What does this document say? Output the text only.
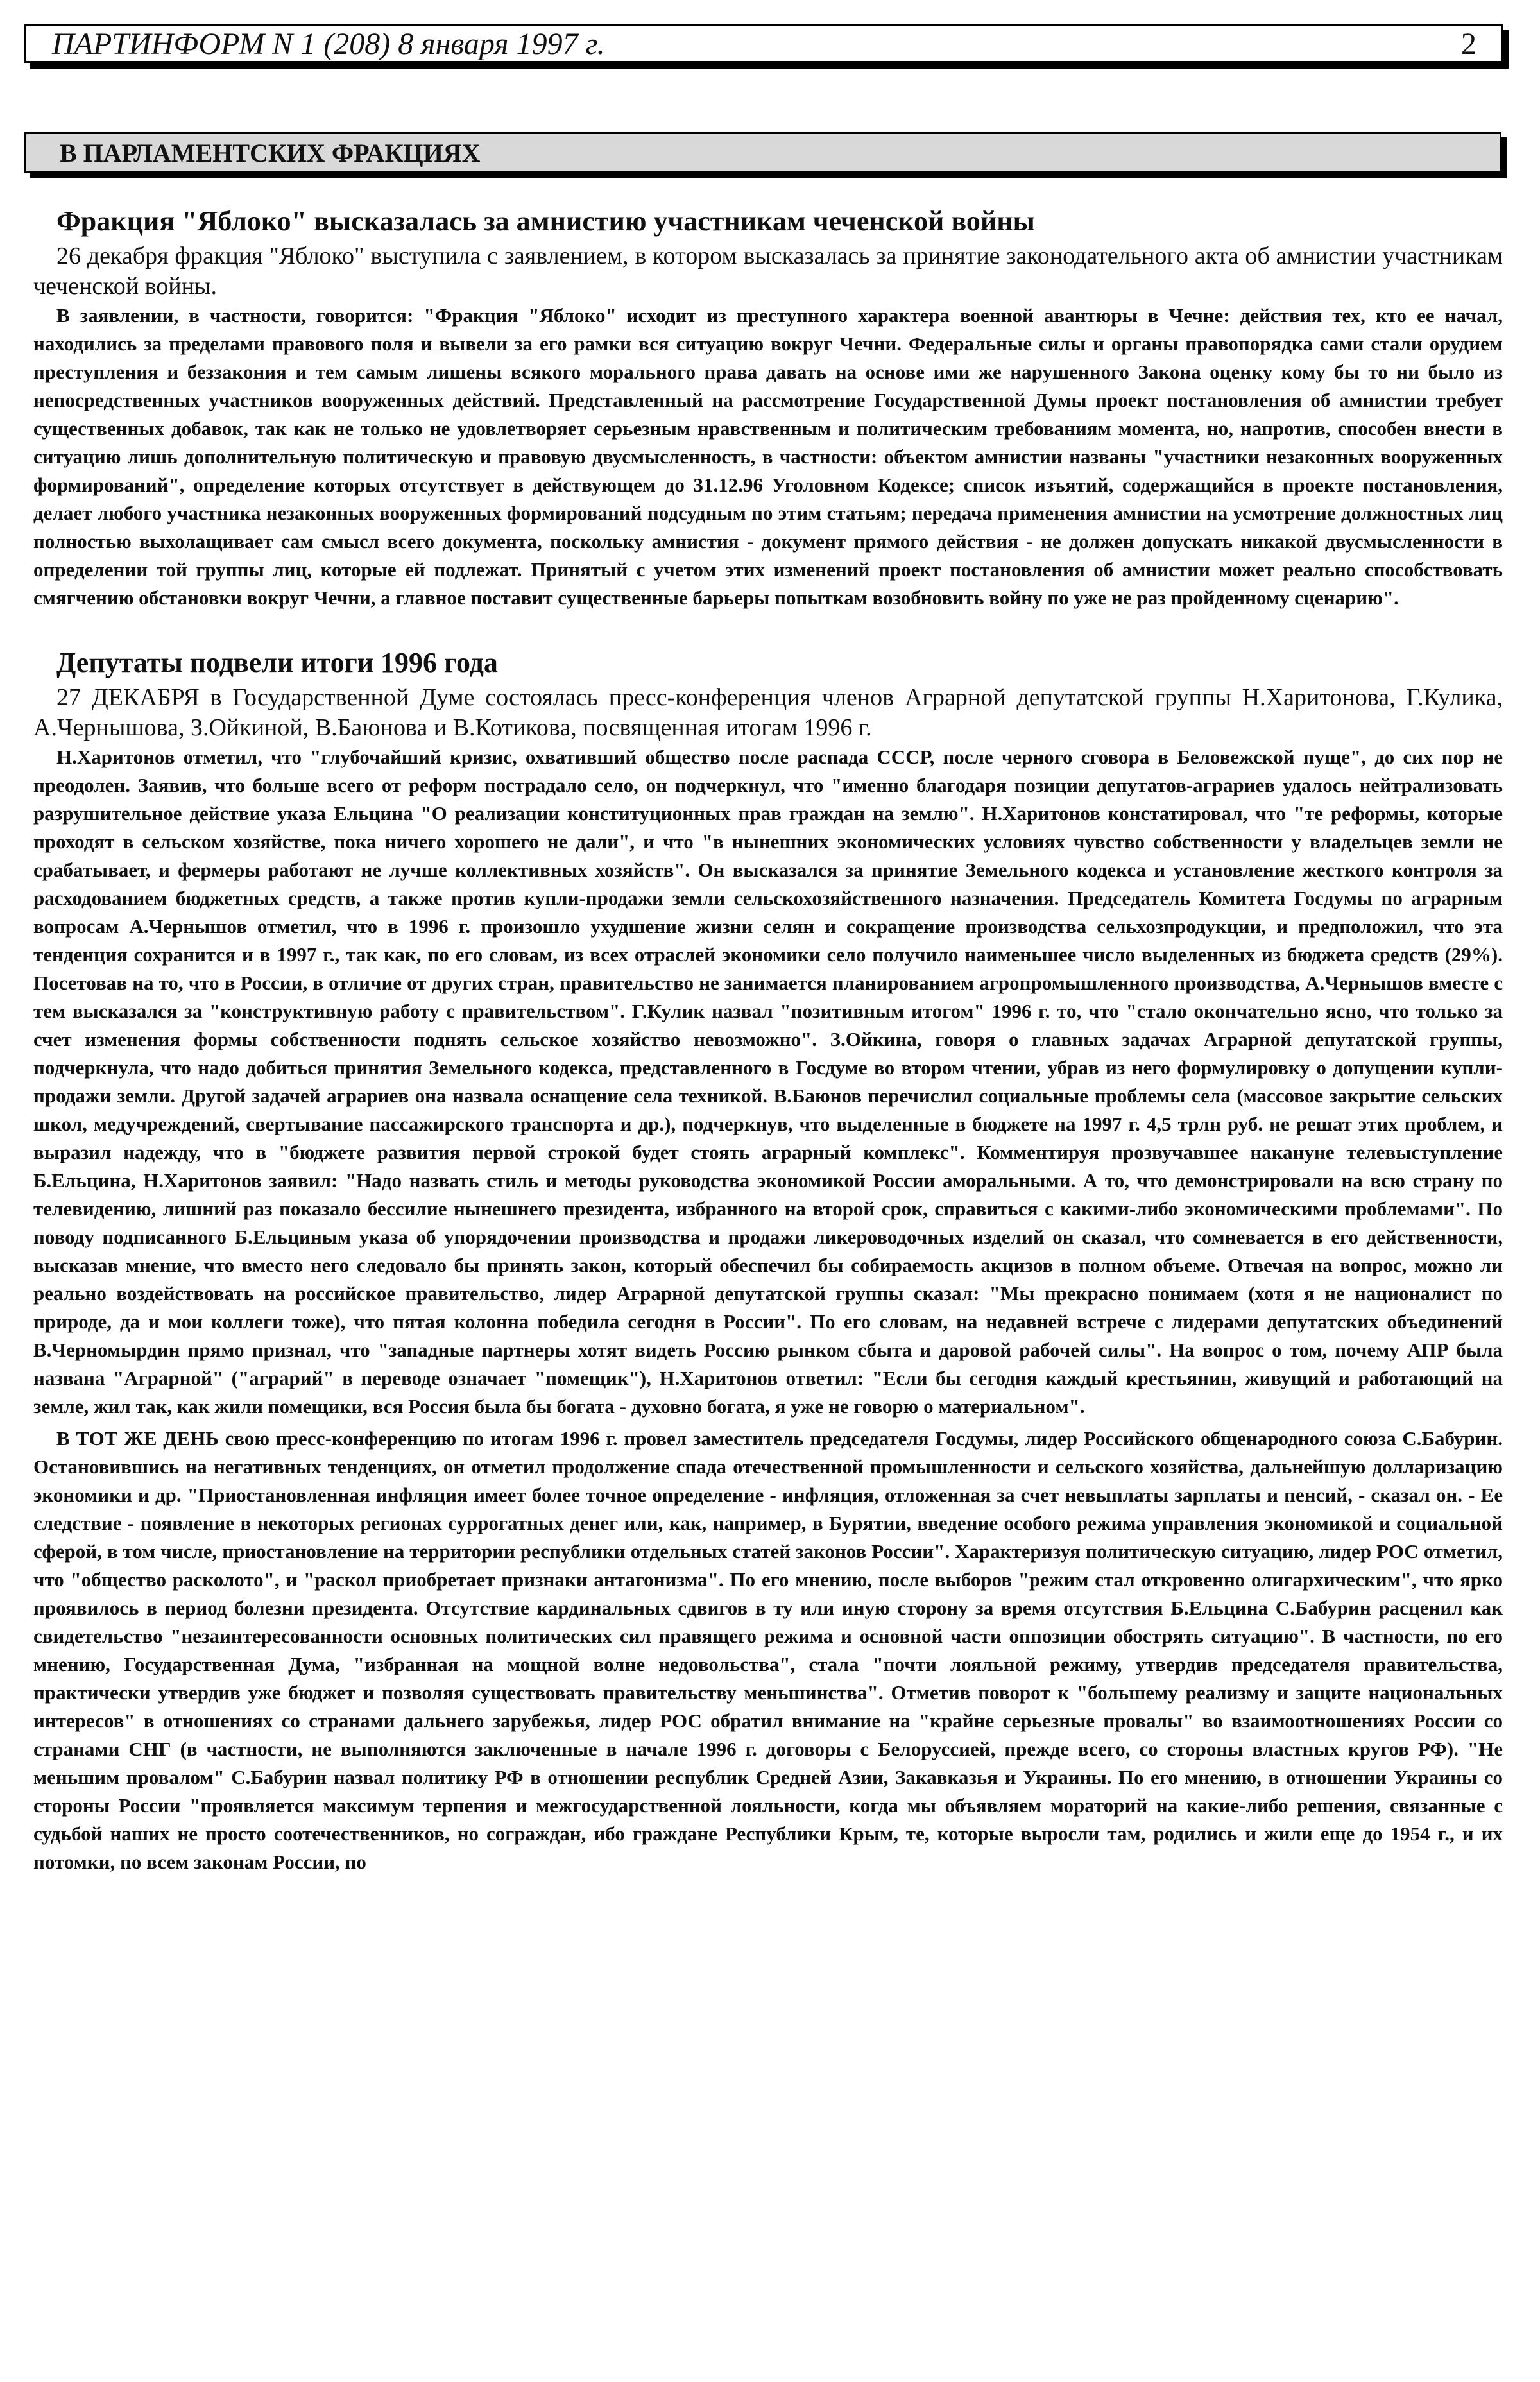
ПАРТИНФОРМ N 1 (208) 8 января 1997 г.	2
В ПАРЛАМЕНТСКИХ ФРАКЦИЯХ
Фракция "Яблоко" высказалась за амнистию участникам чеченской войны

26 декабря фракция "Яблоко" выступила с заявлением, в котором высказалась за принятие законодательного акта об амнистии участникам чеченской войны.

В заявлении, в частности, говорится: "Фракция "Яблоко" исходит из преступного характера военной авантюры в Чечне: действия тех, кто ее начал, находились за пределами правового поля и вывели за его рамки вся ситуацию вокруг Чечни. Федеральные силы и органы правопорядка сами стали орудием преступления и беззакония и тем самым лишены всякого морального права давать на основе ими же нарушенного Закона оценку кому бы то ни было из непосредственных участников вооруженных действий. Представленный на рассмотрение Государственной Думы проект постановления об амнистии требует существенных добавок, так как не только не удовлетворяет серьезным нравственным и политическим требованиям момента, но, напротив, способен внести в ситуацию лишь дополнительную политическую и правовую двусмысленность, в частности: объектом амнистии названы "участники незаконных вооруженных формирований", определение которых отсутствует в действующем до 31.12.96 Уголовном Кодексе; список изъятий, содержащийся в проекте постановления, делает любого участника незаконных вооруженных формирований подсудным по этим статьям; передача применения амнистии на усмотрение должностных лиц полностью выхолащивает сам смысл всего документа, поскольку амнистия - документ прямого действия - не должен допускать никакой двусмысленности в определении той группы лиц, которые ей подлежат. Принятый с учетом этих изменений проект постановления об амнистии может реально способствовать смягчению обстановки вокруг Чечни, а главное поставит существенные барьеры попыткам возобновить войну по уже не раз пройденному сценарию".

Депутаты подвели итоги 1996 года

27 ДЕКАБРЯ в Государственной Думе состоялась пресс-конференция членов Аграрной депутатской группы Н.Харитонова, Г.Кулика, А.Чернышова, З.Ойкиной, В.Баюнова и В.Котикова, посвященная итогам 1996 г.

Н.Харитонов отметил, что "глубочайший кризис, охвативший общество после распада СССР, после черного сговора в Беловежской пуще", до сих пор не преодолен. Заявив, что больше всего от реформ пострадало село, он подчеркнул, что "именно благодаря позиции депутатов-аграриев удалось нейтрализовать разрушительное действие указа Ельцина "О реализации конституционных прав граждан на землю". Н.Харитонов констатировал, что "те реформы, которые проходят в сельском хозяйстве, пока ничего хорошего не дали", и что "в нынешних экономических условиях чувство собственности у владельцев земли не срабатывает, и фермеры работают не лучше коллективных хозяйств". Он высказался за принятие Земельного кодекса и установление жесткого контроля за расходованием бюджетных средств, а также против купли-продажи земли сельскохозяйственного назначения. Председатель Комитета Госдумы по аграрным вопросам А.Чернышов отметил, что в 1996 г. произошло ухудшение жизни селян и сокращение производства сельхозпродукции, и предположил, что эта тенденция сохранится и в 1997 г., так как, по его словам, из всех отраслей экономики село получило наименьшее число выделенных из бюджета средств (29%). Посетовав на то, что в России, в отличие от других стран, правительство не занимается планированием агропромышленного производства, А.Чернышов вместе с тем высказался за "конструктивную работу с правительством". Г.Кулик назвал "позитивным итогом" 1996 г. то, что "стало окончательно ясно, что только за счет изменения формы собственности поднять сельское хозяйство невозможно". З.Ойкина, говоря о главных задачах Аграрной депутатской группы, подчеркнула, что надо добиться принятия Земельного кодекса, представленного в Госдуме во втором чтении, убрав из него формулировку о допущении купли-продажи земли. Другой задачей аграриев она назвала оснащение села техникой. В.Баюнов перечислил социальные проблемы села (массовое закрытие сельских школ, медучреждений, свертывание пассажирского транспорта и др.), подчеркнув, что выделенные в бюджете на 1997 г. 4,5 трлн руб. не решат этих проблем, и выразил надежду, что в "бюджете развития первой строкой будет стоять аграрный комплекс". Комментируя прозвучавшее накануне телевыступление Б.Ельцина, Н.Харитонов заявил: "Надо назвать стиль и методы руководства экономикой России аморальными. А то, что демонстрировали на всю страну по телевидению, лишний раз показало бессилие нынешнего президента, избранного на второй срок, справиться с какими-либо экономическими проблемами". По поводу подписанного Б.Ельциным указа об упорядочении производства и продажи ликероводочных изделий он сказал, что сомневается в его действенности, высказав мнение, что вместо него следовало бы принять закон, который обеспечил бы собираемость акцизов в полном объеме. Отвечая на вопрос, можно ли реально воздействовать на российское правительство, лидер Аграрной депутатской группы сказал: "Мы прекрасно понимаем (хотя я не националист по природе, да и мои коллеги тоже), что пятая колонна победила сегодня в России". По его словам, на недавней встрече с лидерами депутатских объединений В.Черномырдин прямо признал, что "западные партнеры хотят видеть Россию рынком сбыта и даровой рабочей силы". На вопрос о том, почему АПР была названа "Аграрной" ("аграрий" в переводе означает "помещик"), Н.Харитонов ответил: "Если бы сегодня каждый крестьянин, живущий и работающий на земле, жил так, как жили помещики, вся Россия была бы богата - духовно богата, я уже не говорю о материальном".

В ТОТ ЖЕ ДЕНЬ свою пресс-конференцию по итогам 1996 г. провел заместитель председателя Госдумы, лидер Российского общенародного союза С.Бабурин. Остановившись на негативных тенденциях, он отметил продолжение спада отечественной промышленности и сельского хозяйства, дальнейшую долларизацию экономики и др. "Приостановленная инфляция имеет более точное определение - инфляция, отложенная за счет невыплаты зарплаты и пенсий, - сказал он. - Ее следствие - появление в некоторых регионах суррогатных денег или, как, например, в Бурятии, введение особого режима управления экономикой и социальной сферой, в том числе, приостановление на территории республики отдельных статей законов России". Характеризуя политическую ситуацию, лидер РОС отметил, что "общество расколото", и "раскол приобретает признаки антагонизма". По его мнению, после выборов "режим стал откровенно олигархическим", что ярко проявилось в период болезни президента. Отсутствие кардинальных сдвигов в ту или иную сторону за время отсутствия Б.Ельцина С.Бабурин расценил как свидетельство "незаинтересованности основных политических сил правящего режима и основной части оппозиции обострять ситуацию". В частности, по его мнению, Государственная Дума, "избранная на мощной волне недовольства", стала "почти лояльной режиму, утвердив председателя правительства, практически утвердив уже бюджет и позволяя существовать правительству меньшинства". Отметив поворот к "большему реализму и защите национальных интересов" в отношениях со странами дальнего зарубежья, лидер РОС обратил внимание на "крайне серьезные провалы" во взаимоотношениях России со странами СНГ (в частности, не выполняются заключенные в начале 1996 г. договоры с Белоруссией, прежде всего, со стороны властных кругов РФ). "Не меньшим провалом" С.Бабурин назвал политику РФ в отношении республик Средней Азии, Закавказья и Украины. По его мнению, в отношении Украины со стороны России "проявляется максимум терпения и межгосударственной лояльности, когда мы объявляем мораторий на какие-либо решения, связанные с судьбой наших не просто соотечественников, но сограждан, ибо граждане Республики Крым, те, которые выросли там, родились и жили еще до 1954 г., и их потомки, по всем законам России, по
